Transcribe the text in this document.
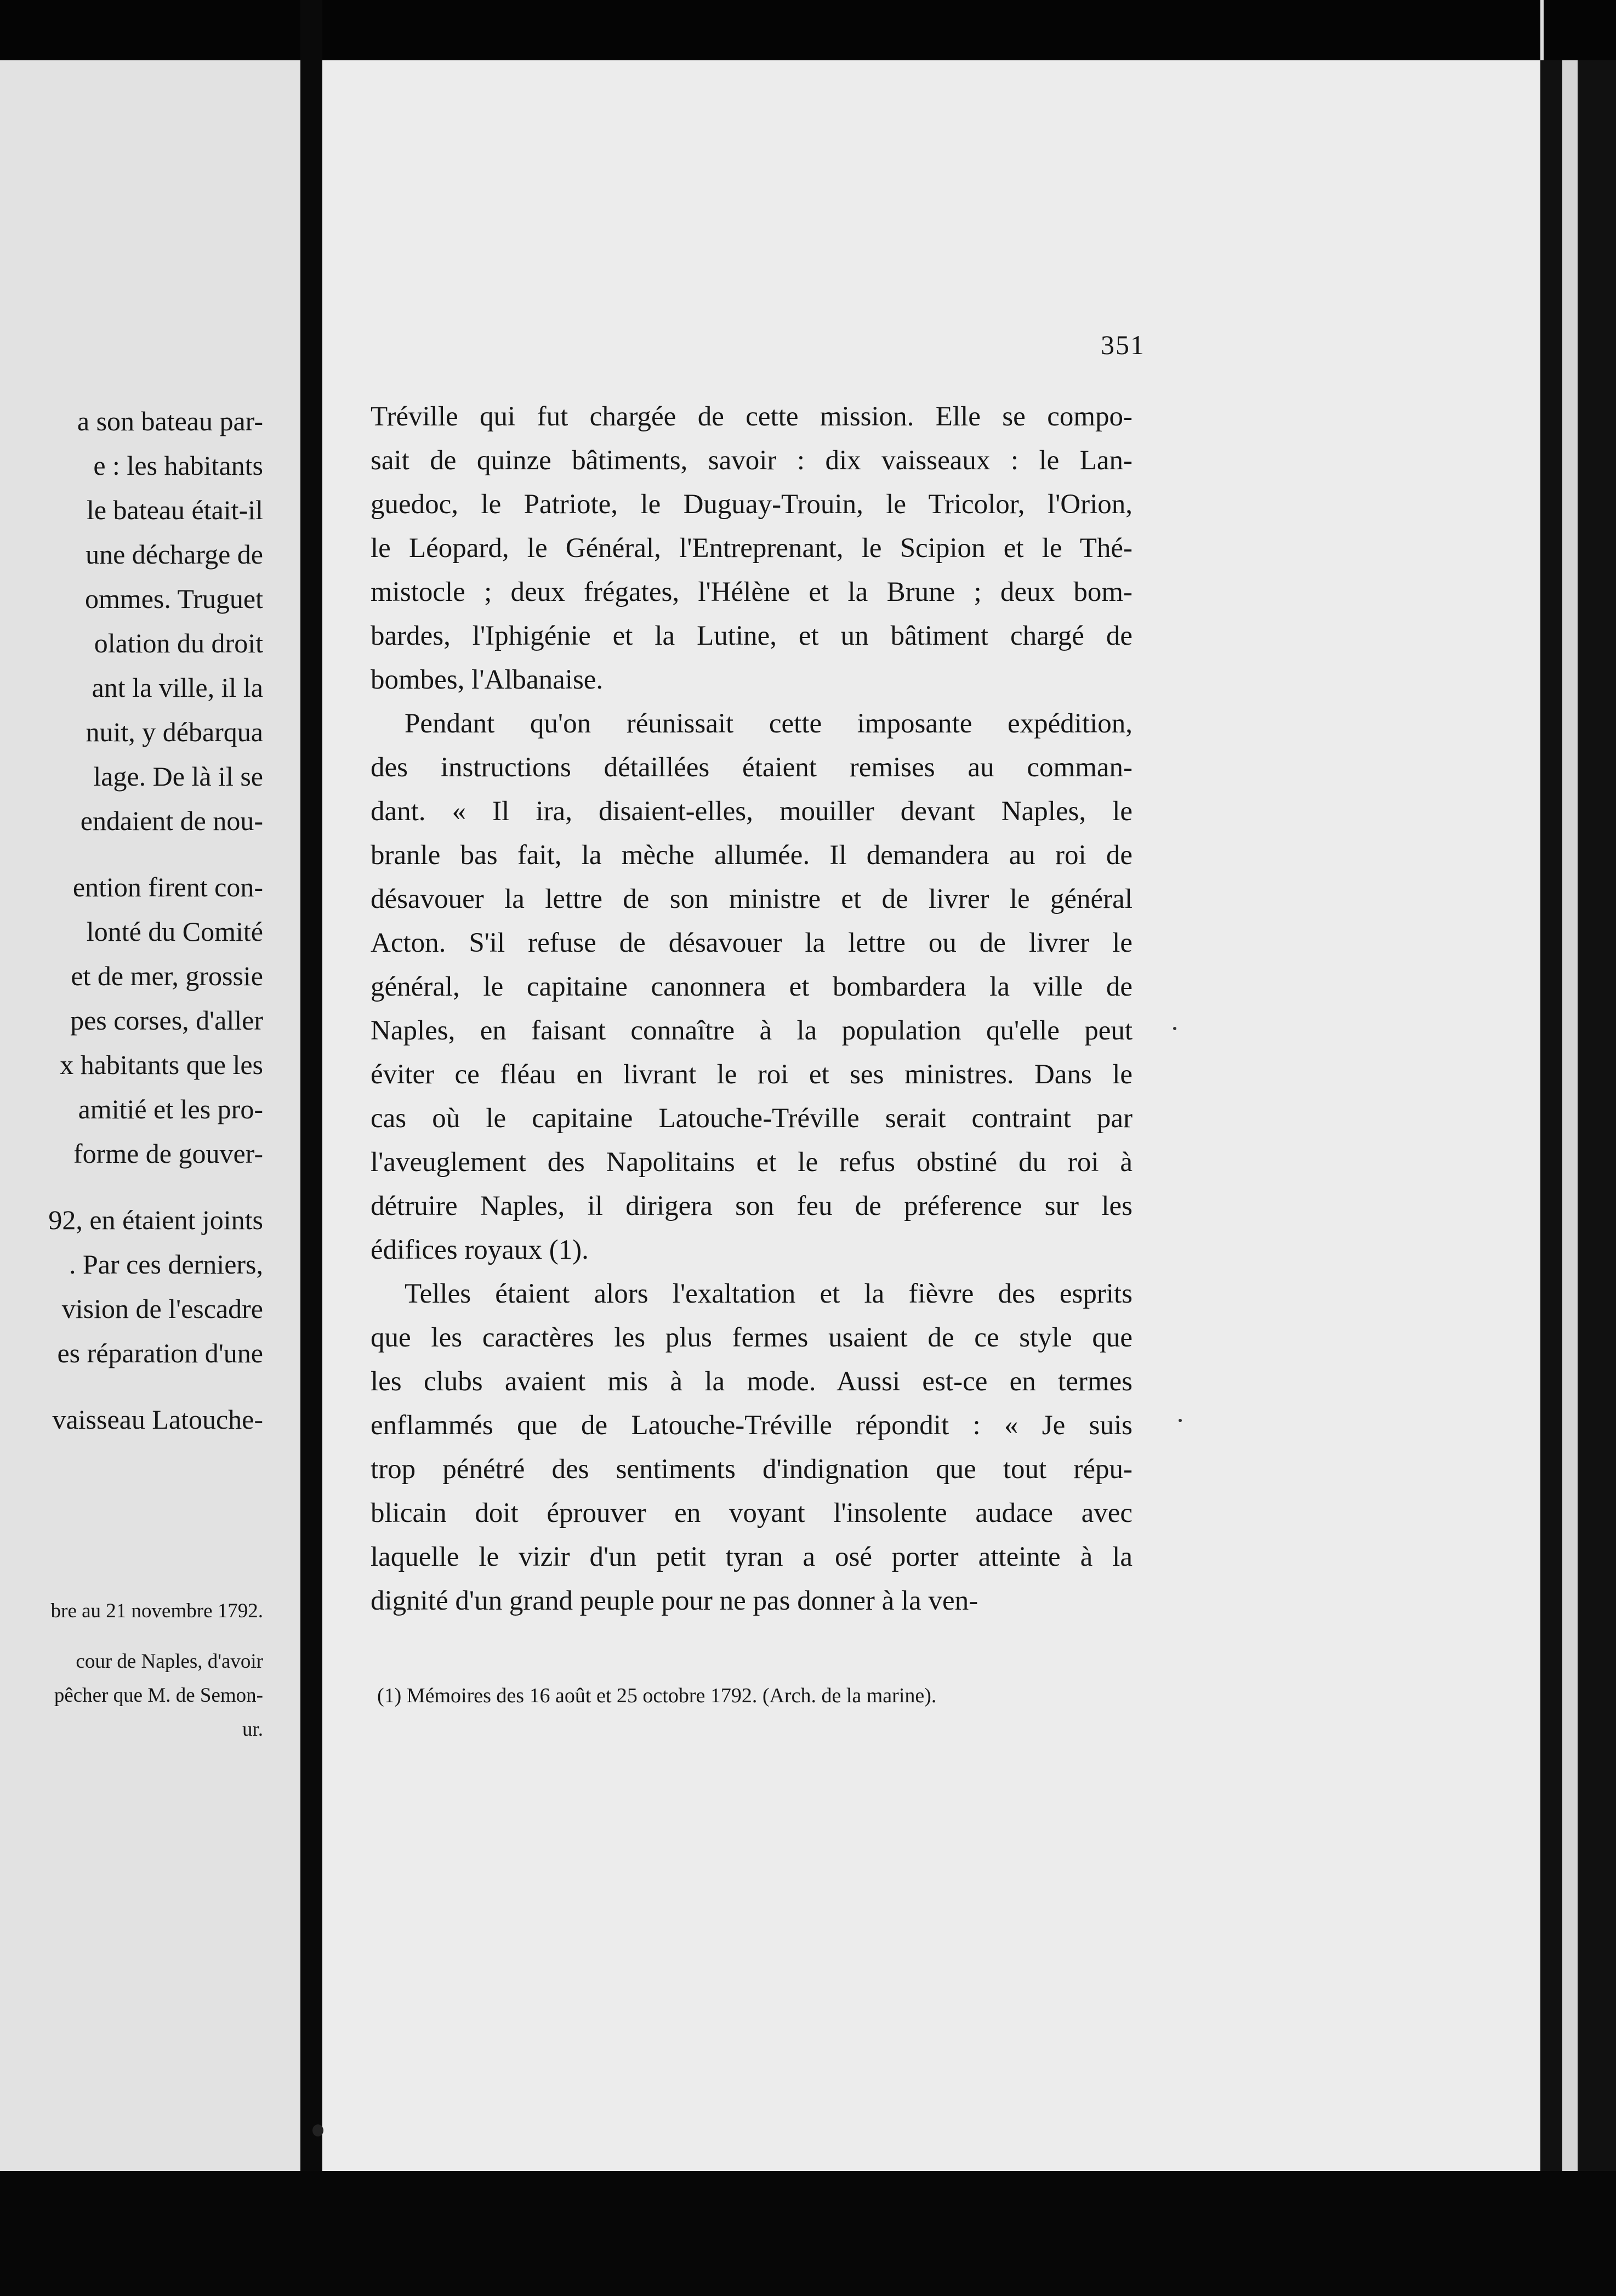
a son bateau par-
e : les habitants
le bateau était-il
une décharge de
ommes. Truguet
olation du droit
ant la ville, il la
nuit, y débarqua
lage. De là il se
endaient de nou-
ention firent con-
lonté du Comité
et de mer, grossie
pes corses, d'aller
x habitants que les
amitié et les pro-
forme de gouver-
92, en étaient joints
. Par ces derniers,
vision de l'escadre
es réparation d'une
vaisseau Latouche-
bre au 21 novembre 1792.
cour de Naples, d'avoir
pêcher que M. de Semon-
ur.
351
Tréville qui fut chargée de cette mission. Elle se compo-
sait de quinze bâtiments, savoir : dix vaisseaux : le Lan-
guedoc, le Patriote, le Duguay-Trouin, le Tricolor, l'Orion,
le Léopard, le Général, l'Entreprenant, le Scipion et le Thé-
mistocle ; deux frégates, l'Hélène et la Brune ; deux bom-
bardes, l'Iphigénie et la Lutine, et un bâtiment chargé de
bombes, l'Albanaise.
Pendant qu'on réunissait cette imposante expédition,
des instructions détaillées étaient remises au comman-
dant. « Il ira, disaient-elles, mouiller devant Naples, le
branle bas fait, la mèche allumée. Il demandera au roi de
désavouer la lettre de son ministre et de livrer le général
Acton. S'il refuse de désavouer la lettre ou de livrer le
général, le capitaine canonnera et bombardera la ville de
Naples, en faisant connaître à la population qu'elle peut
éviter ce fléau en livrant le roi et ses ministres. Dans le
cas où le capitaine Latouche-Tréville serait contraint par
l'aveuglement des Napolitains et le refus obstiné du roi à
détruire Naples, il dirigera son feu de préference sur les
édifices royaux (1).
Telles étaient alors l'exaltation et la fièvre des esprits
que les caractères les plus fermes usaient de ce style que
les clubs avaient mis à la mode. Aussi est-ce en termes
enflammés que de Latouche-Tréville répondit : « Je suis
trop pénétré des sentiments d'indignation que tout répu-
blicain doit éprouver en voyant l'insolente audace avec
laquelle le vizir d'un petit tyran a osé porter atteinte à la
dignité d'un grand peuple pour ne pas donner à la ven-
(1) Mémoires des 16 août et 25 octobre 1792. (Arch. de la marine).
